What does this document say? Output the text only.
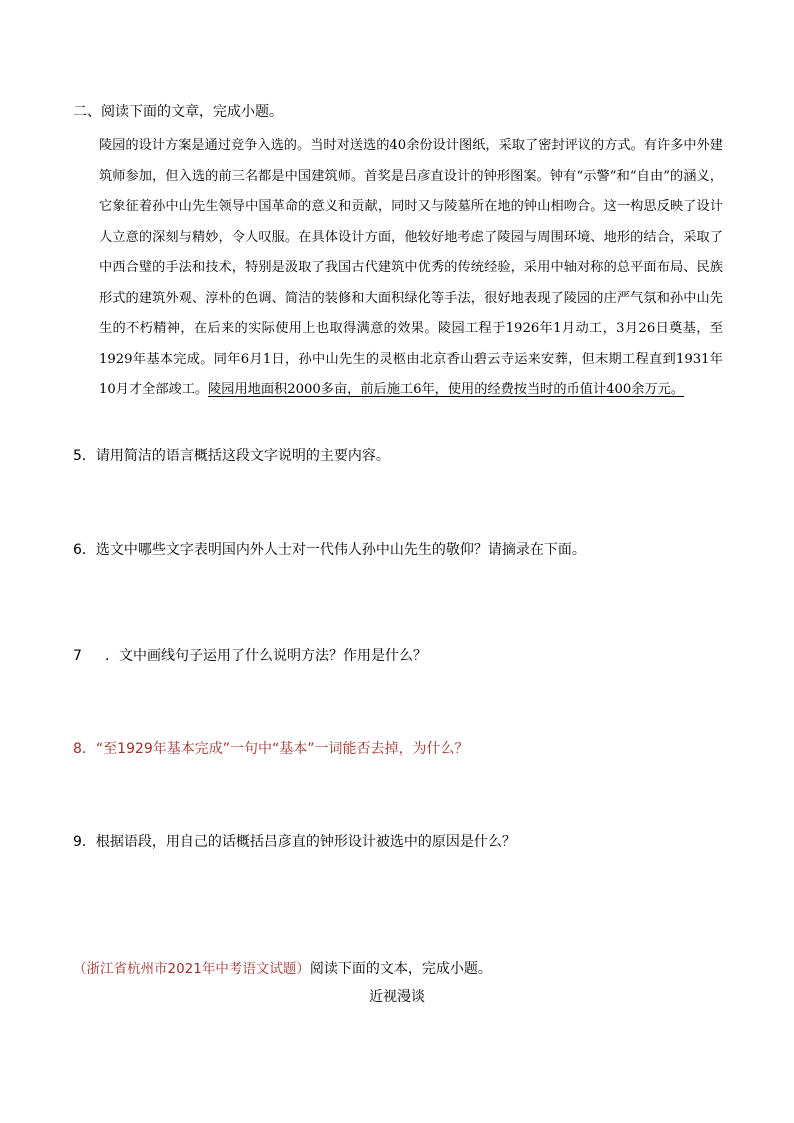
二、阅读下面的文章，完成小题。
陵园的设计方案是通过竞争入选的。当时对送选的40余份设计图纸，采取了密封评议的方式。有许多中外建筑师参加，但入选的前三名都是中国建筑师。首奖是吕彦直设计的钟形图案。钟有“示警”和“自由”的涵义，它象征着孙中山先生领导中国革命的意义和贡献，同时又与陵墓所在地的钟山相吻合。这一构思反映了设计人立意的深刻与精妙，令人叹服。在具体设计方面，他较好地考虑了陵园与周围环境、地形的结合，采取了中西合璧的手法和技术，特别是汲取了我国古代建筑中优秀的传统经验，采用中轴对称的总平面布局、民族形式的建筑外观、淳朴的色调、简洁的装修和大面积绿化等手法，很好地表现了陵园的庄严气氛和孙中山先生的不朽精神，在后来的实际使用上也取得满意的效果。陵园工程于1926年1月动工，3月26日奠基，至1929年基本完成。同年6月1日，孙中山先生的灵柩由北京香山碧云寺运来安葬，但末期工程直到1931年10月才全部竣工。陵园用地面积2000多亩，前后施工6年，使用的经费按当时的币值计400余万元。
5．请用简洁的语言概括这段文字说明的主要内容。
6．选文中哪些文字表明国内外人士对一代伟人孙中山先生的敬仰？请摘录在下面。
7 ．文中画线句子运用了什么说明方法？作用是什么？
8．“至1929年基本完成”一句中“基本”一词能否去掉，为什么？
9．根据语段，用自己的话概括吕彦直的钟形设计被选中的原因是什么？
（浙江省杭州市2021年中考语文试题）阅读下面的文本，完成小题。
近视漫谈
